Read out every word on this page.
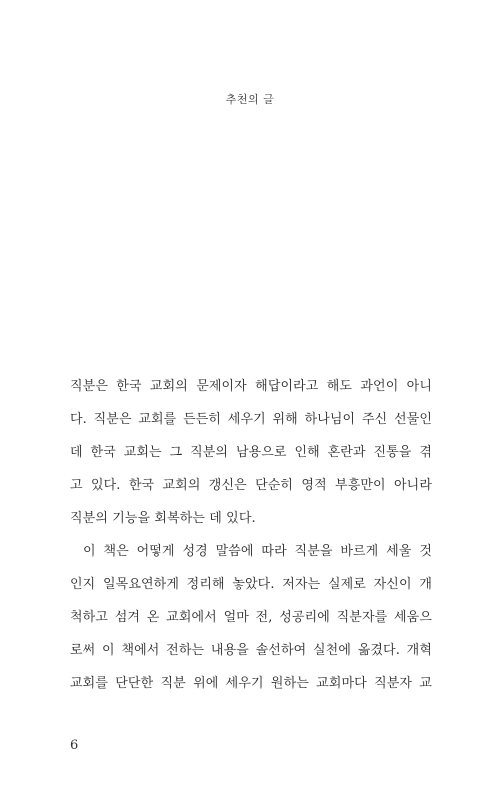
추천의 글
직분은 한국 교회의 문제이자 해답이라고 해도 과언이 아니
다. 직분은 교회를 든든히 세우기 위해 하나님이 주신 선물인
데 한국 교회는 그 직분의 남용으로 인해 혼란과 진통을 겪
고 있다. 한국 교회의 갱신은 단순히 영적 부흥만이 아니라
직분의 기능을 회복하는 데 있다.
이 책은 어떻게 성경 말씀에 따라 직분을 바르게 세울 것
인지 일목요연하게 정리해 놓았다. 저자는 실제로 자신이 개
척하고 섬겨 온 교회에서 얼마 전, 성공리에 직분자를 세움으
로써 이 책에서 전하는 내용을 솔선하여 실천에 옮겼다. 개혁
교회를 단단한 직분 위에 세우기 원하는 교회마다 직분자 교
6
